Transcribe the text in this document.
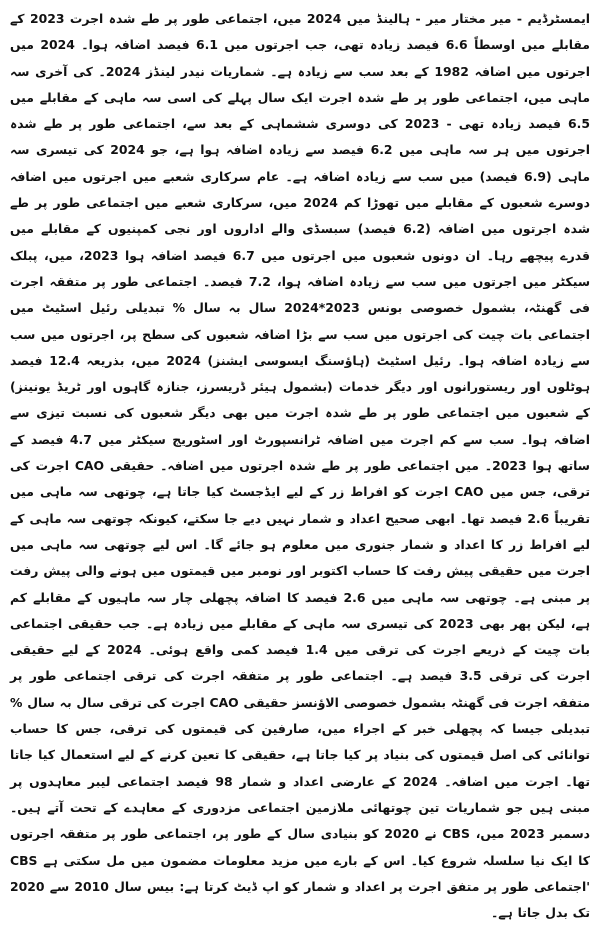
ایمسٹرڈیم - میر مختار میر - ہالینڈ میں 2024 میں، اجتماعی طور پر طے شدہ اجرت 2023 کے مقابلے میں اوسطاً 6.6 فیصد زیادہ تھی، جب اجرتوں میں 6.1 فیصد اضافہ ہوا۔ 2024 میں اجرتوں میں اضافہ 1982 کے بعد سب سے زیادہ ہے۔ شماریات نیدر لینڈز 2024۔ کی آخری سہ ماہی میں، اجتماعی طور پر طے شدہ اجرت ایک سال پہلے کی اسی سہ ماہی کے مقابلے میں 6.5 فیصد زیادہ تھی - 2023 کی دوسری ششماہی کے بعد سے، اجتماعی طور پر طے شدہ اجرتوں میں ہر سہ ماہی میں 6.2 فیصد سے زیادہ اضافہ ہوا ہے، جو 2024 کی تیسری سہ ماہی (6.9 فیصد) میں سب سے زیادہ اضافہ ہے۔ عام سرکاری شعبے میں اجرتوں میں اضافہ دوسرے شعبوں کے مقابلے میں تھوڑا کم 2024 میں، سرکاری شعبے میں اجتماعی طور پر طے شدہ اجرتوں میں اضافہ (6.2 فیصد) سبسڈی والے اداروں اور نجی کمپنیوں کے مقابلے میں قدرے پیچھے رہا۔ ان دونوں شعبوں میں اجرتوں میں 6.7 فیصد اضافہ ہوا 2023، میں، پبلک سیکٹر میں اجرتوں میں سب سے زیادہ اضافہ ہوا، 7.2 فیصد۔ اجتماعی طور پر متفقہ اجرت فی گھنٹہ، بشمول خصوصی بونس 2023*2024 سال بہ سال % تبدیلی رئیل اسٹیٹ میں اجتماعی بات چیت کی اجرتوں میں سب سے بڑا اضافہ شعبوں کی سطح پر، اجرتوں میں سب سے زیادہ اضافہ ہوا۔ رئیل اسٹیٹ (ہاؤسنگ ایسوسی ایشنز) 2024 میں، بذریعہ 12.4 فیصد ہوٹلوں اور ریستورانوں اور دیگر خدمات (بشمول ہیئر ڈریسرز، جنازہ گاہوں اور ٹریڈ یونینز) کے شعبوں میں اجتماعی طور پر طے شدہ اجرت میں بھی دیگر شعبوں کی نسبت تیزی سے اضافہ ہوا۔ سب سے کم اجرت میں اضافہ ٹرانسپورٹ اور اسٹوریج سیکٹر میں 4.7 فیصد کے ساتھ ہوا 2023۔ میں اجتماعی طور پر طے شدہ اجرتوں میں اضافہ۔ حقیقی CAO اجرت کی ترقی، جس میں CAO اجرت کو افراط زر کے لیے ایڈجسٹ کیا جاتا ہے، چوتھی سہ ماہی میں تقریباً 2.6 فیصد تھا۔ ابھی صحیح اعداد و شمار نہیں دیے جا سکتے، کیونکہ چوتھی سہ ماہی کے لیے افراط زر کا اعداد و شمار جنوری میں معلوم ہو جائے گا۔ اس لیے چوتھی سہ ماہی میں اجرت میں حقیقی پیش رفت کا حساب اکتوبر اور نومبر میں قیمتوں میں ہونے والی پیش رفت پر مبنی ہے۔ چوتھی سہ ماہی میں 2.6 فیصد کا اضافہ پچھلی چار سہ ماہیوں کے مقابلے کم ہے، لیکن پھر بھی 2023 کی تیسری سہ ماہی کے مقابلے میں زیادہ ہے۔ جب حقیقی اجتماعی بات چیت کے ذریعے اجرت کی ترقی میں 1.4 فیصد کمی واقع ہوئی۔ 2024 کے لیے حقیقی اجرت کی ترقی 3.5 فیصد ہے۔ اجتماعی طور پر متفقہ اجرت کی ترقی اجتماعی طور پر متفقہ اجرت فی گھنٹہ بشمول خصوصی الاؤنسز حقیقی CAO اجرت کی ترقی سال بہ سال % تبدیلی جیسا کہ پچھلی خبر کے اجراء میں، صارفین کی قیمتوں کی ترقی، جس کا حساب توانائی کی اصل قیمتوں کی بنیاد پر کیا جاتا ہے، حقیقی کا تعین کرنے کے لیے استعمال کیا جاتا تھا۔ اجرت میں اضافہ۔ 2024 کے عارضی اعداد و شمار 98 فیصد اجتماعی لیبر معاہدوں پر مبنی ہیں جو شماریات تین چوتھائی ملازمین اجتماعی مزدوری کے معاہدے کے تحت آتے ہیں۔ دسمبر 2023 میں، CBS نے 2020 کو بنیادی سال کے طور پر، اجتماعی طور پر متفقہ اجرتوں کا ایک نیا سلسلہ شروع کیا۔ اس کے بارے میں مزید معلومات مضمون میں مل سکتی ہے CBS 'اجتماعی طور پر متفق اجرت پر اعداد و شمار کو اپ ڈیٹ کرتا ہے: بیس سال 2010 سے 2020 تک بدل جاتا ہے۔
